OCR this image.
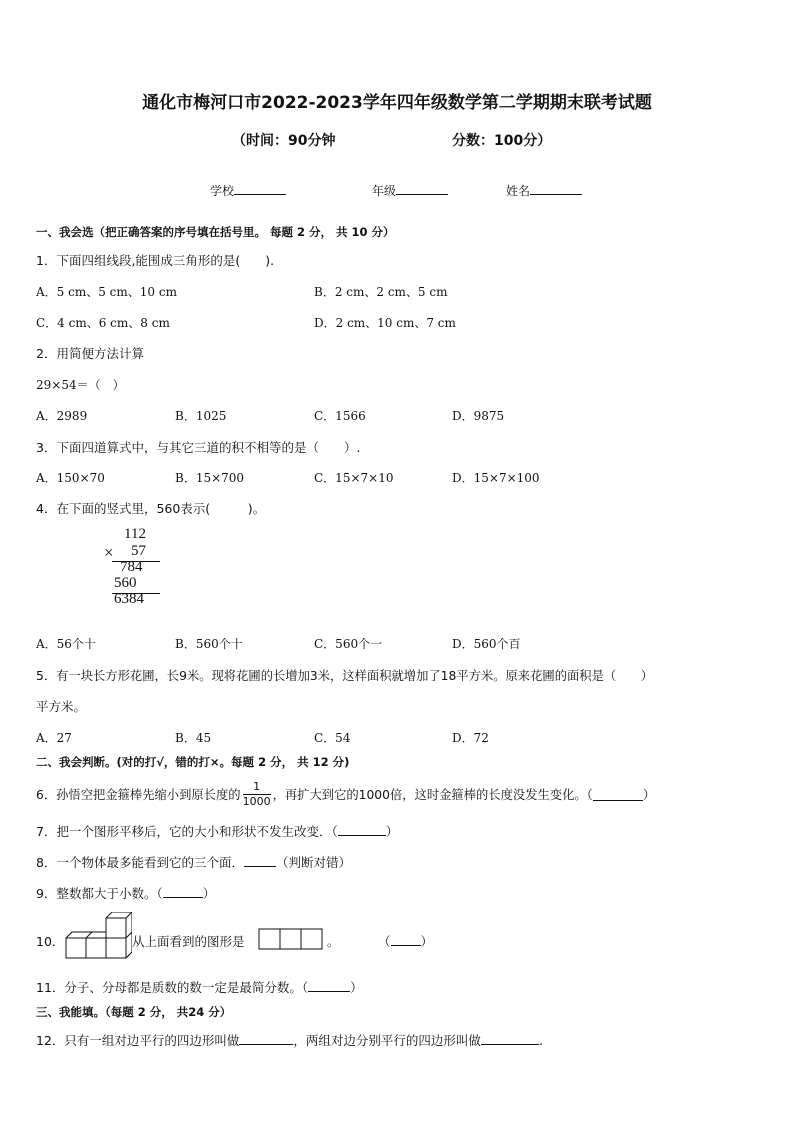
通化市梅河口市2022-2023学年四年级数学第二学期期末联考试题
（时间：90分钟	分数：100分）
学校	年级	姓名
一、我会选（把正确答案的序号填在括号里。 每题 2 分， 共 10 分）
1．下面四组线段,能围成三角形的是(　　).
A．5 cm、5 cm、10 cm	B．2 cm、2 cm、5 cm
C．4 cm、6 cm、8 cm	D．2 cm、10 cm、7 cm
2．用简便方法计算
29×54＝（　）
A．2989	B．1025	C．1566	D．9875
3．下面四道算式中，与其它三道的积不相等的是（　　）.
A．150×70	B．15×700	C．15×7×10	D．15×7×100
4．在下面的竖式里，560表示(　　　)。
112
× 57
784
560
6384
A．56个十	B．560个十	C．560个一	D．560个百
5．有一块长方形花圃，长9米。现将花圃的长增加3米，这样面积就增加了18平方米。原来花圃的面积是（　　）
平方米。
A．27	B．45	C．54	D．72
二、我会判断。(对的打√，错的打×。每题 2 分， 共 12 分)
6．孙悟空把金箍棒先缩小到原长度的 $\frac{1}{1000}$ ，再扩大到它的1000倍，这时金箍棒的长度没发生变化。（	）
7．把一个图形平移后，它的大小和形状不发生改变．（	）
8．一个物体最多能看到它的三个面．	（判断对错）
9．整数都大于小数。（	）
10．	从上面看到的图形是	。	（ ）
11．分子、分母都是质数的数一定是最简分数。（	）
三、我能填。（每题 2 分， 共24 分）
12．只有一组对边平行的四边形叫做	，两组对边分别平行的四边形叫做	.
